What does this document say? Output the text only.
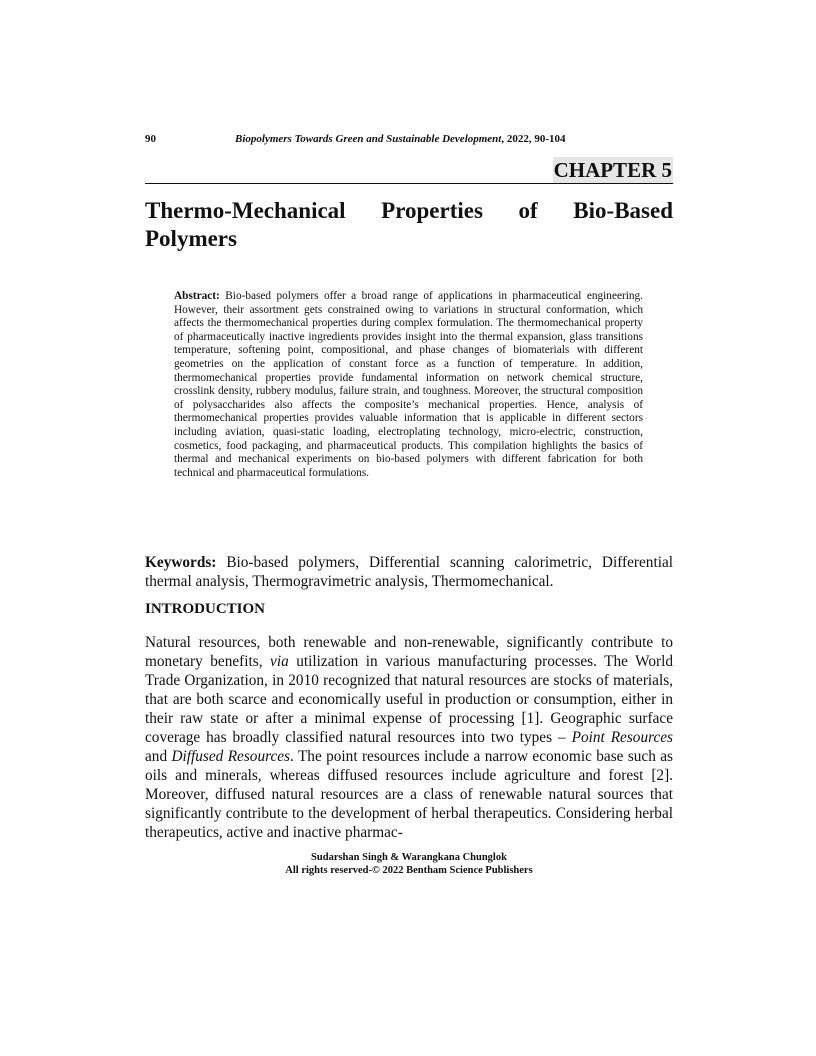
90	Biopolymers Towards Green and Sustainable Development, 2022, 90-104
CHAPTER 5
Thermo-Mechanical Properties of Bio-Based Polymers

Abstract: Bio-based polymers offer a broad range of applications in pharmaceutical engineering. However, their assortment gets constrained owing to variations in structural conformation, which affects the thermomechanical properties during complex formulation. The thermomechanical property of pharmaceutically inactive ingredients provides insight into the thermal expansion, glass transitions temperature, softening point, compositional, and phase changes of biomaterials with different geometries on the application of constant force as a function of temperature. In addition, thermomechanical properties provide fundamental information on network chemical structure, crosslink density, rubbery modulus, failure strain, and toughness. Moreover, the structural composition of polysaccharides also affects the composite’s mechanical properties. Hence, analysis of thermomechanical properties provides valuable information that is applicable in different sectors including aviation, quasi-static loading, electroplating technology, micro-electric, construction, cosmetics, food packaging, and pharmaceutical products. This compilation highlights the basics of thermal and mechanical experiments on bio-based polymers with different fabrication for both technical and pharmaceutical formulations.

Keywords: Bio-based polymers, Differential scanning calorimetric, Differential thermal analysis, Thermogravimetric analysis, Thermomechanical.

INTRODUCTION

Natural resources, both renewable and non-renewable, significantly contribute to monetary benefits, via utilization in various manufacturing processes. The World Trade Organization, in 2010 recognized that natural resources are stocks of materials, that are both scarce and economically useful in production or consumption, either in their raw state or after a minimal expense of processing [1]. Geographic surface coverage has broadly classified natural resources into two types – Point Resources and Diffused Resources. The point resources include a narrow economic base such as oils and minerals, whereas diffused resources include agriculture and forest [2]. Moreover, diffused natural resources are a class of renewable natural sources that significantly contribute to the development of herbal therapeutics. Considering herbal therapeutics, active and inactive pharmac-

Sudarshan Singh & Warangkana Chunglok
All rights reserved-© 2022 Bentham Science Publishers
